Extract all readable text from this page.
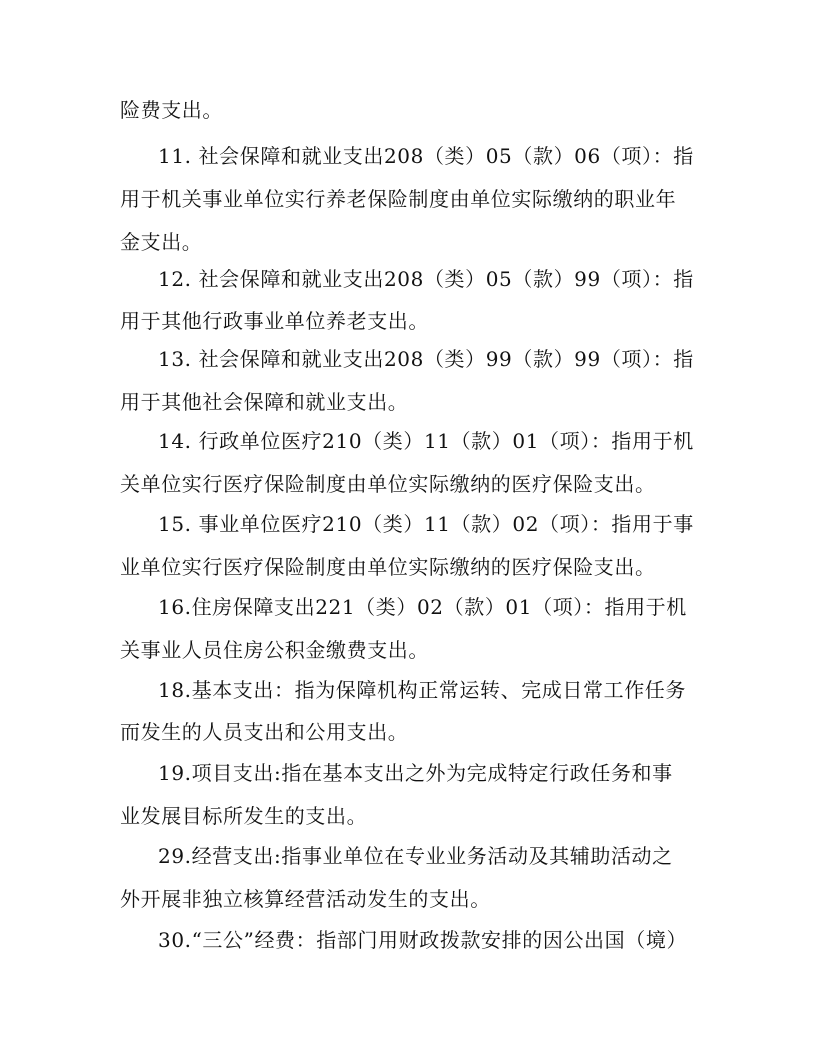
险费支出。
11. 社会保障和就业支出208（类）05（款）06（项）：指
用于机关事业单位实行养老保险制度由单位实际缴纳的职业年
金支出。
12. 社会保障和就业支出208（类）05（款）99（项）：指
用于其他行政事业单位养老支出。
13. 社会保障和就业支出208（类）99（款）99（项）：指
用于其他社会保障和就业支出。
14. 行政单位医疗210（类）11（款）01（项）：指用于机
关单位实行医疗保险制度由单位实际缴纳的医疗保险支出。
15. 事业单位医疗210（类）11（款）02（项）：指用于事
业单位实行医疗保险制度由单位实际缴纳的医疗保险支出。
16.住房保障支出221（类）02（款）01（项）：指用于机
关事业人员住房公积金缴费支出。
18.基本支出：指为保障机构正常运转、完成日常工作任务
而发生的人员支出和公用支出。
19.项目支出:指在基本支出之外为完成特定行政任务和事
业发展目标所发生的支出。
29.经营支出:指事业单位在专业业务活动及其辅助活动之
外开展非独立核算经营活动发生的支出。
30.“三公”经费：指部门用财政拨款安排的因公出国（境）
